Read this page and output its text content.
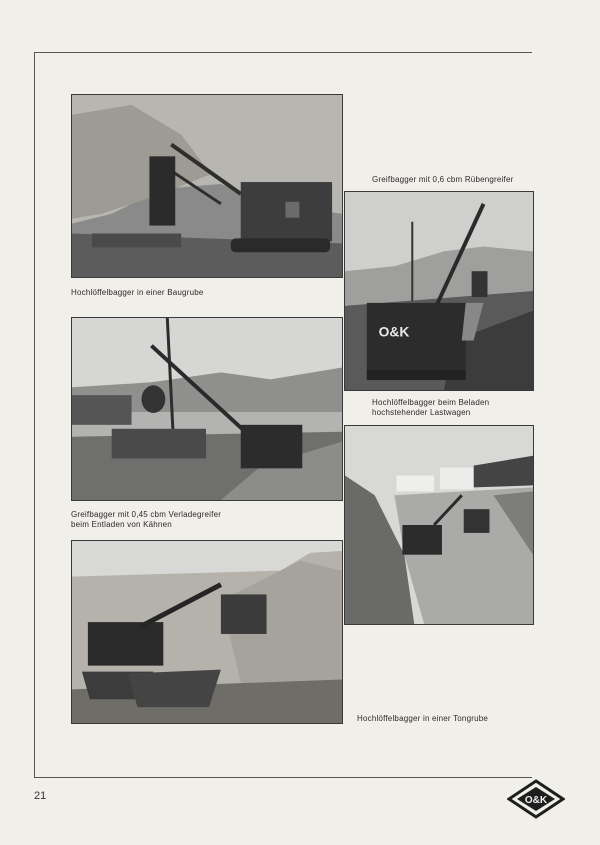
Hochlöffelbagger in einer Baugrube
Greifbagger mit 0,6 cbm Rübengreifer
O&K
Hochlöffelbagger beim Beladen
hochstehender Lastwagen
Greifbagger mit 0,45 cbm Verladegreifer
beim Entladen von Kähnen
Hochlöffelbagger in einer Tongrube
21	O&K
